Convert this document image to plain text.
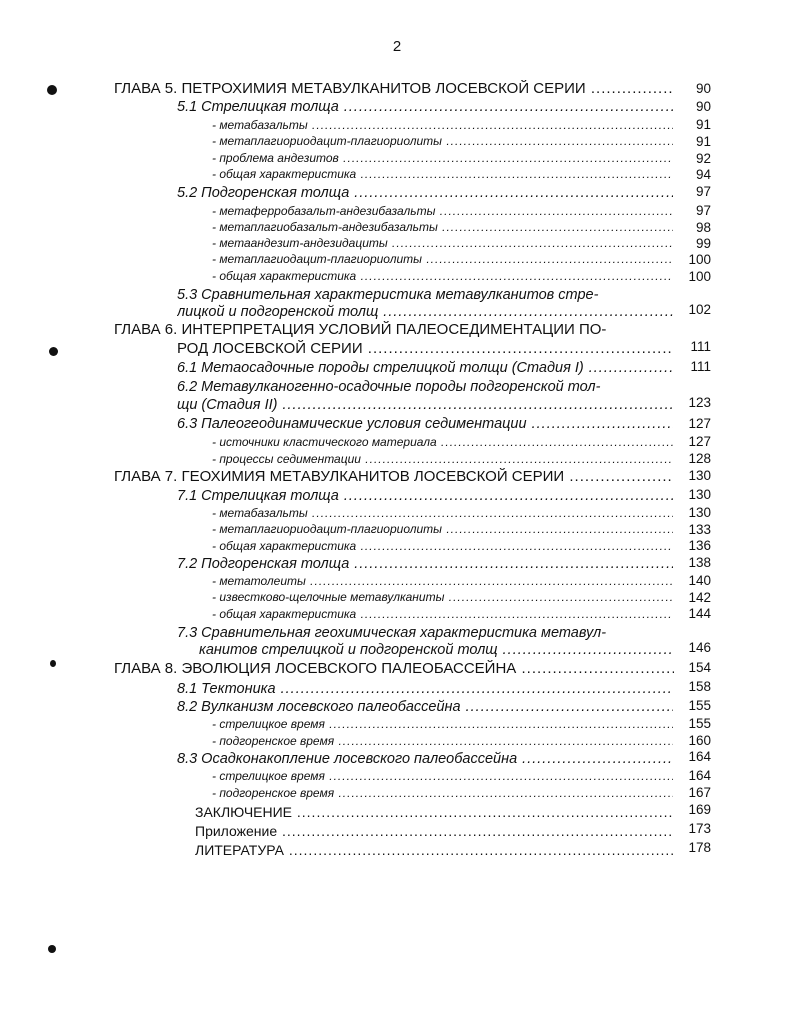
2
ГЛАВА 5. ПЕТРОХИМИЯ МЕТАВУЛКАНИТОВ ЛОСЕВСКОЙ СЕРИИ .....	90
5.1 Стрелицкая толща .....	90
- метабазальты .....	91
- метаплагиориодацит-плагиориолиты .....	91
- проблема андезитов .....	92
- общая характеристика .....	94
5.2 Подгоренская толща .....	97
- метаферробазальт-андезибазальты .....	97
- метаплагиобазальт-андезибазальты .....	98
- метаандезит-андезидациты .....	99
- метаплагиодацит-плагиориолиты .....	100
- общая характеристика .....	100
5.3 Сравнительная характеристика метавулканитов стре-
лицкой и подгоренской толщ .....	102
ГЛАВА 6. ИНТЕРПРЕТАЦИЯ УСЛОВИЙ ПАЛЕОСЕДИМЕНТАЦИИ ПО-
РОД ЛОСЕВСКОЙ СЕРИИ .....	111
6.1 Метаосадочные породы стрелицкой толщи (Стадия I) .....	111
6.2 Метавулканогенно-осадочные породы подгоренской тол-
щи (Стадия II) .....	123
6.3 Палеогеодинамические условия седиментации .....	127
- источники кластического материала .....	127
- процессы седиментации .....	128
ГЛАВА 7. ГЕОХИМИЯ МЕТАВУЛКАНИТОВ ЛОСЕВСКОЙ СЕРИИ .....	130
7.1 Стрелицкая толща .....	130
- метабазальты .....	130
- метаплагиориодацит-плагиориолиты .....	133
- общая характеристика .....	136
7.2 Подгоренская толща .....	138
- метатолеиты .....	140
- известково-щелочные метавулканиты .....	142
- общая характеристика .....	144
7.3 Сравнительная геохимическая характеристика метавул-
канитов стрелицкой и подгоренской толщ .....	146
ГЛАВА 8. ЭВОЛЮЦИЯ ЛОСЕВСКОГО ПАЛЕОБАССЕЙНА .....	154
8.1 Тектоника .....	158
8.2 Вулканизм лосевского палеобассейна .....	155
- стрелицкое время .....	155
- подгоренское время .....	160
8.3 Осадконакопление лосевского палеобассейна .....	164
- стрелицкое время .....	164
- подгоренское время .....	167
ЗАКЛЮЧЕНИЕ .....	169
Приложение .....	173
ЛИТЕРАТУРА .....	178
